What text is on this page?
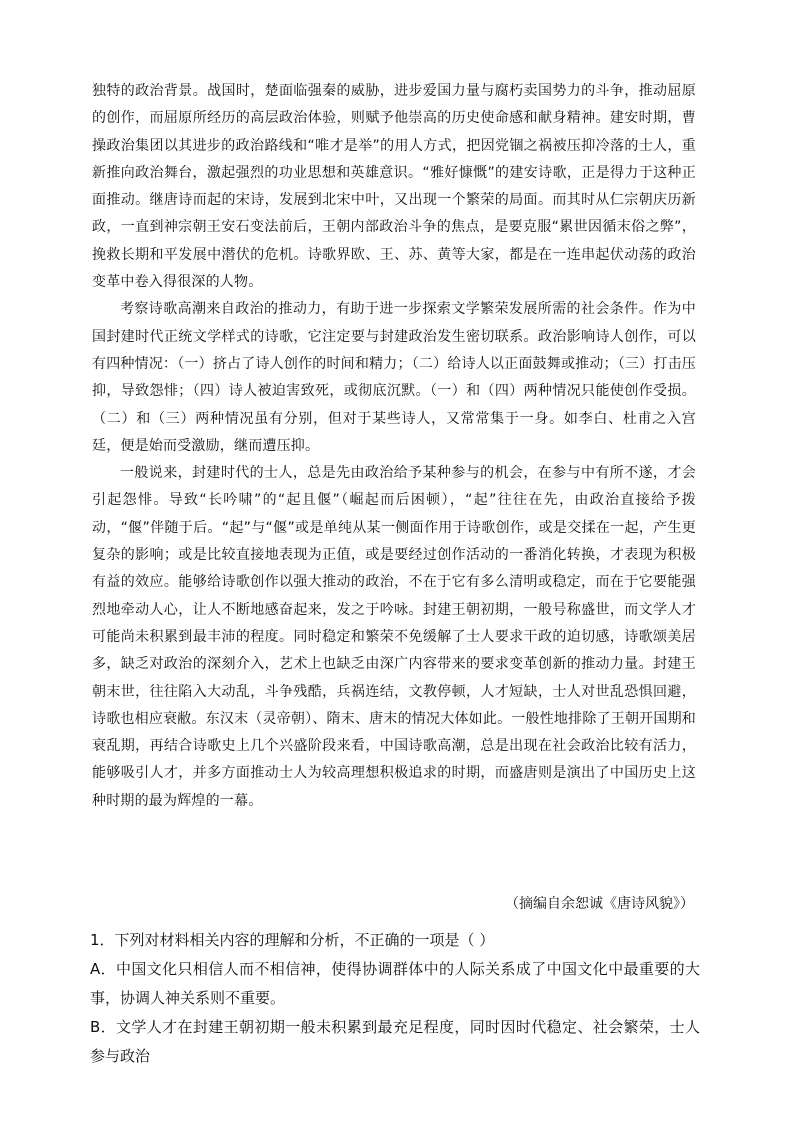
独特的政治背景。战国时，楚面临强秦的威胁，进步爱国力量与腐朽卖国势力的斗争，推动屈原的创作，而屈原所经历的高层政治体验，则赋予他崇高的历史使命感和献身精神。建安时期，曹操政治集团以其进步的政治路线和“唯才是举”的用人方式，把因党锢之祸被压抑冷落的士人，重新推向政治舞台，激起强烈的功业思想和英雄意识。“雅好慷慨”的建安诗歌，正是得力于这种正面推动。继唐诗而起的宋诗，发展到北宋中叶，又出现一个繁荣的局面。而其时从仁宗朝庆历新政，一直到神宗朝王安石变法前后，王朝内部政治斗争的焦点，是要克服“累世因循末俗之弊”，挽救长期和平发展中潜伏的危机。诗歌界欧、王、苏、黄等大家，都是在一连串起伏动荡的政治变革中卷入得很深的人物。

考察诗歌高潮来自政治的推动力，有助于进一步探索文学繁荣发展所需的社会条件。作为中国封建时代正统文学样式的诗歌，它注定要与封建政治发生密切联系。政治影响诗人创作，可以有四种情况：（一）挤占了诗人创作的时间和精力；（二）给诗人以正面鼓舞或推动；（三）打击压抑，导致怨悱；（四）诗人被迫害致死，或彻底沉默。（一）和（四）两种情况只能使创作受损。（二）和（三）两种情况虽有分别，但对于某些诗人，又常常集于一身。如李白、杜甫之入宫廷，便是始而受激励，继而遭压抑。

一般说来，封建时代的士人，总是先由政治给予某种参与的机会，在参与中有所不遂，才会引起怨悱。导致“长吟啸”的“起且偃”（崛起而后困顿），“起”往往在先，由政治直接给予拨动，“偃”伴随于后。“起”与“偃”或是单纯从某一侧面作用于诗歌创作，或是交揉在一起，产生更复杂的影响；或是比较直接地表现为正值，或是要经过创作活动的一番消化转换，才表现为积极有益的效应。能够给诗歌创作以强大推动的政治，不在于它有多么清明或稳定，而在于它要能强烈地牵动人心，让人不断地感奋起来，发之于吟咏。封建王朝初期，一般号称盛世，而文学人才可能尚未积累到最丰沛的程度。同时稳定和繁荣不免缓解了士人要求干政的迫切感，诗歌颂美居多，缺乏对政治的深刻介入，艺术上也缺乏由深广内容带来的要求变革创新的推动力量。封建王朝末世，往往陷入大动乱，斗争残酷，兵祸连结，文教停顿，人才短缺，士人对世乱恐惧回避，诗歌也相应衰敝。东汉末（灵帝朝）、隋末、唐末的情况大体如此。一般性地排除了王朝开国期和衰乱期，再结合诗歌史上几个兴盛阶段来看，中国诗歌高潮，总是出现在社会政治比较有活力，能够吸引人才，并多方面推动士人为较高理想积极追求的时期，而盛唐则是演出了中国历史上这种时期的最为辉煌的一幕。

（摘编自余恕诚《唐诗风貌》）

1．下列对材料相关内容的理解和分析，不正确的一项是（ ）

A．中国文化只相信人而不相信神，使得协调群体中的人际关系成了中国文化中最重要的大事，协调人神关系则不重要。

B．文学人才在封建王朝初期一般未积累到最充足程度，同时因时代稳定、社会繁荣，士人参与政治
